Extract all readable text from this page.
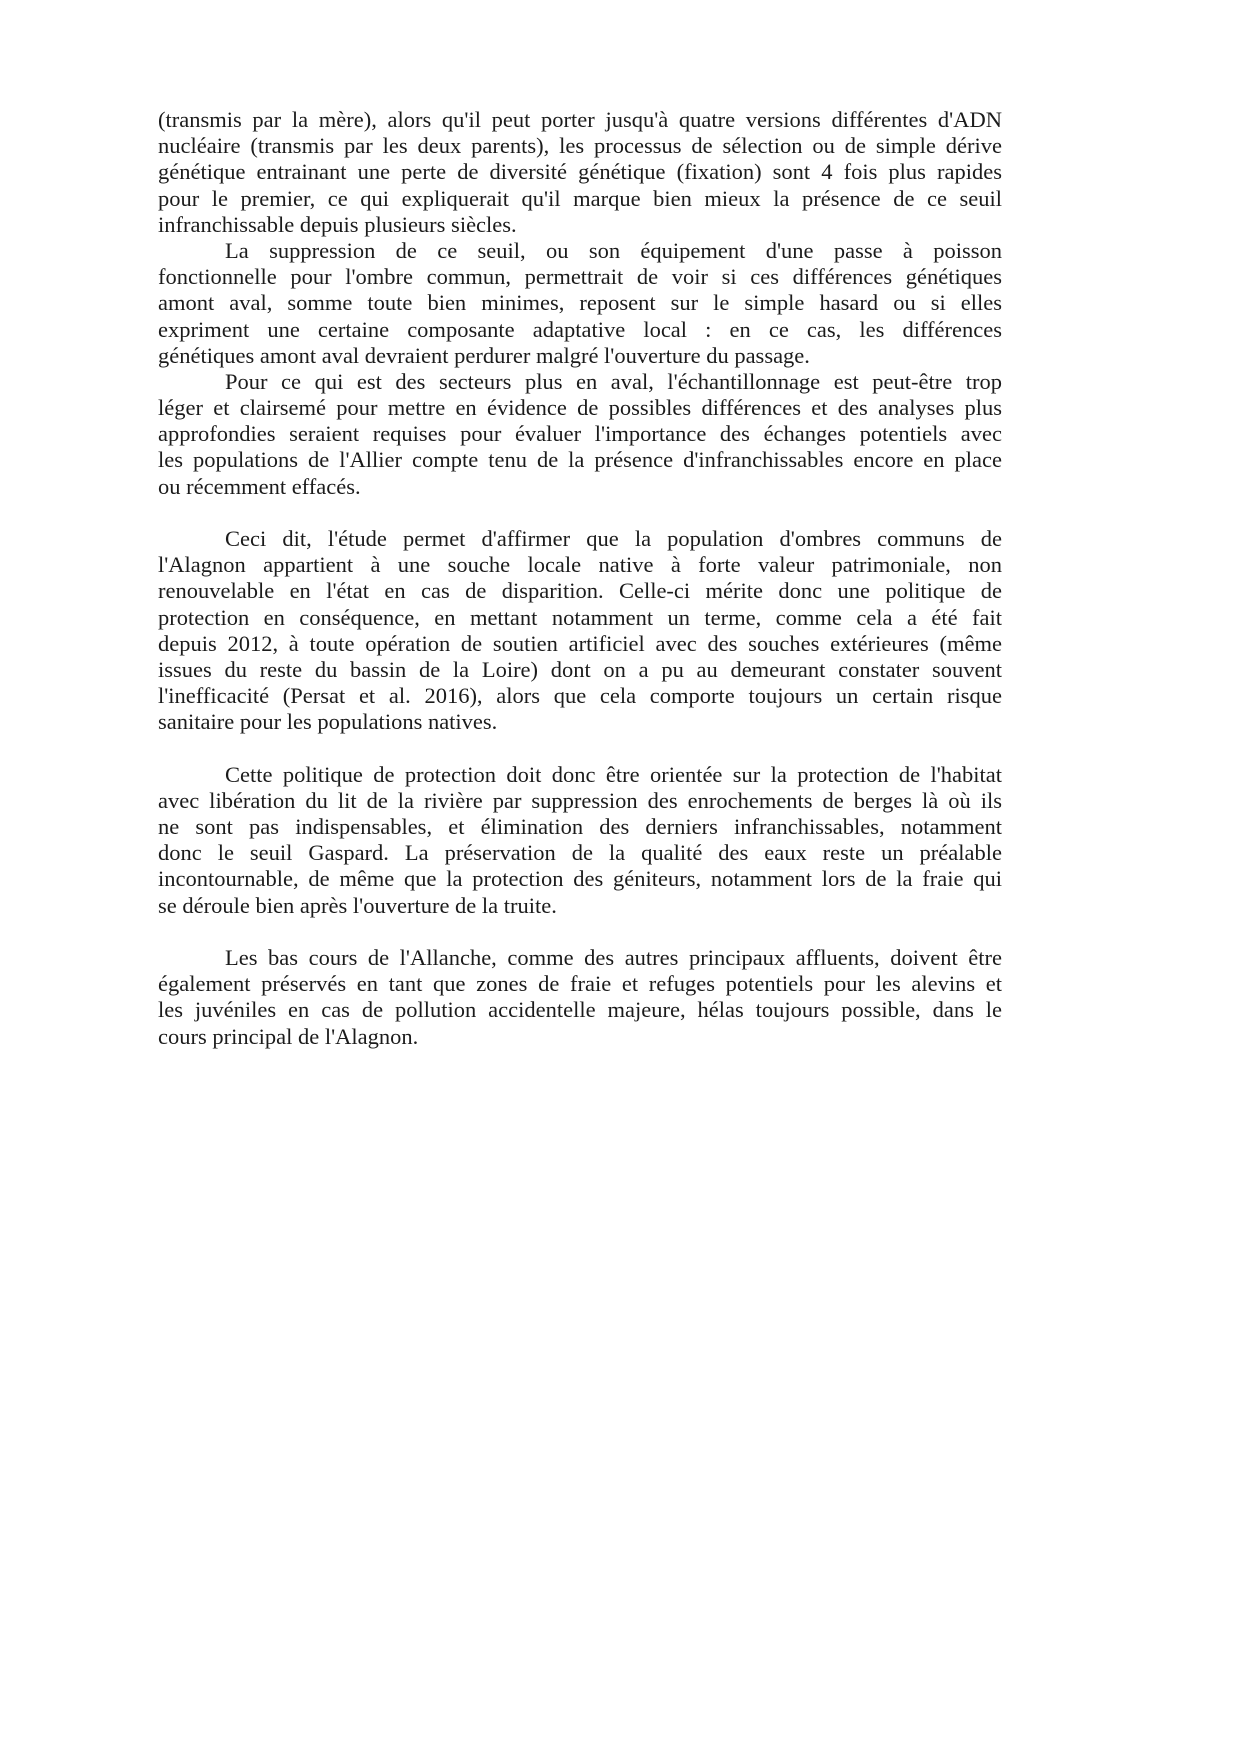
(transmis par la mère), alors qu'il peut porter jusqu'à quatre versions différentes d'ADN
nucléaire (transmis par les deux parents), les processus de sélection ou de simple dérive
génétique entrainant une perte de diversité génétique (fixation) sont 4 fois plus rapides
pour le premier, ce qui expliquerait qu'il marque bien mieux la présence de ce seuil
infranchissable depuis plusieurs siècles.
La suppression de ce seuil, ou son équipement d'une passe à poisson
fonctionnelle pour l'ombre commun, permettrait de voir si ces différences génétiques
amont aval, somme toute bien minimes, reposent sur le simple hasard ou si elles
expriment une certaine composante adaptative local : en ce cas, les différences
génétiques amont aval devraient perdurer malgré l'ouverture du passage.
Pour ce qui est des secteurs plus en aval, l'échantillonnage est peut-être trop
léger et clairsemé pour mettre en évidence de possibles différences et des analyses plus
approfondies seraient requises pour évaluer l'importance des échanges potentiels avec
les populations de l'Allier compte tenu de la présence d'infranchissables encore en place
ou récemment effacés.
Ceci dit, l'étude permet d'affirmer que la population d'ombres communs de
l'Alagnon appartient à une souche locale native à forte valeur patrimoniale, non
renouvelable en l'état en cas de disparition. Celle-ci mérite donc une politique de
protection en conséquence, en mettant notamment un terme, comme cela a été fait
depuis 2012, à toute opération de soutien artificiel avec des souches extérieures (même
issues du reste du bassin de la Loire) dont on a pu au demeurant constater souvent
l'inefficacité (Persat et al. 2016), alors que cela comporte toujours un certain risque
sanitaire pour les populations natives.
Cette politique de protection doit donc être orientée sur la protection de l'habitat
avec libération du lit de la rivière par suppression des enrochements de berges là où ils
ne sont pas indispensables, et élimination des derniers infranchissables, notamment
donc le seuil Gaspard. La préservation de la qualité des eaux reste un préalable
incontournable, de même que la protection des géniteurs, notamment lors de la fraie qui
se déroule bien après l'ouverture de la truite.
Les bas cours de l'Allanche, comme des autres principaux affluents, doivent être
également préservés en tant que zones de fraie et refuges potentiels pour les alevins et
les juvéniles en cas de pollution accidentelle majeure, hélas toujours possible, dans le
cours principal de l'Alagnon.
